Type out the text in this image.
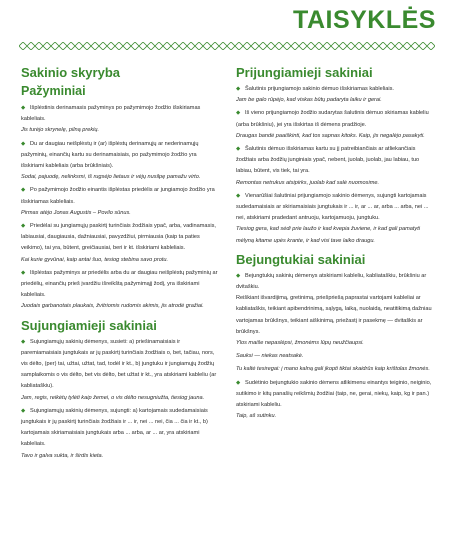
TAISYKLĖS
Sakinio skyryba
Pažyminiai

◆ Išplėstinis derinamasis pažyminys po pažymimojo žodžio išskiriamas kableliais.

Jis turėjo skrynelę, pilną prekių.

◆ Du ar daugiau neišplėstų ir (ar) išplėstų derinamųjų ar nederinamųjų pažyminių, einančių kartu su derinamaisiais, po pažymimojo žodžio yra išskiriami kableliais (arba brūkšniais).

Sodai, pajuodę, nelinksmi, iš rugsėjo lietaus ir vėjų nusilpę pamažu virto.

◆ Po pažymimojo žodžio einantis išplėstas priedėlis ar jungiamojo žodžio yra išskiriamas kableliais.

Pirmas atėjo Jonas Augustis – Povilo sūnus.

◆ Priedėlai su jungiamųjų paskirtį turinčiais žodžiais ypač, arba, vadinamasis, labiausiai, daugiausia, dažniausiai, pavyzdžiui, pirmiausia (kaip ta paties veikimo), tai yra, būtent, greičiausiai, beri ir kt. išskiriami kableliais.

Kai kurie gyvūnai, kaip antai šuo, tesiog stebina savo protu.

◆ Išplėstas pažyminys ar priedėlis arba du ar daugiau neišplėstų pažyminių ar priedėlių, einančių prieš įvardžiu išreikštą pažymimąjį žodį, yra išskiriami kableliais.

Juodais garbanotais plaukais, žvitriomis rudomis akimis, jis atrodė gražiai.

Sujungiamieji sakiniai

◆ Sujungiamųjų sakinių dėmenys, susieti: a) priešinamaisiais ir paremiamaisiais jungtukais ar jų paskirtį turinčiais žodžiais o, bet, tačiau, nors, vis dėlto, (per) tai, užtai, užtat, tad, todėl ir kt., b) jungtuku ir jungiamųjų žodžių samplaikomis o vis dėlto, bet vis dėlto, bet užtat ir kt., yra atskiriami kableliu (ar kabliataškiu).

Jam, regis, reikėtų tylėti kaip žemei, o vis dėlto nesugniužta, tiesiog jauna.

◆ Sujungiamųjų sakinių dėmenys, sujungti: a) kartojamais sudedamaisiais jungtukais ir jų paskirtį turinčiais žodžiais ir ... ir, nei ... nei, čia ... čia ir kt., b) kartojamais skiriamaisiais jungtukais arba ... arba, ar ... ar, yra atskiriami kableliais.

Tavo ir galva sukta, ir širdis kieta.

Prijungiamieji sakiniai

◆ Šalutinis prijungiamojo sakinio dėmuo išskiriamas kableliais.

Jam be galo rūpėjo, kad viskas būtų padaryta laiku ir gerai.

◆ Iš vieno prijungiamojo žodžio sudarytas šalutinis dėmuo skiriamas kableliu (arba brūkšniu), jei yra išskirtas iš dėmens pradžioje.

Draugas bandė paaiškinti, kad tos sapnas kitoks. Kaip, jis negalėjo pasakyti.

◆ Šalutinis dėmuo išskiriamas kartu su jį patreibiančiais ar atliekančiais žodžiais arba žodžių junginiais ypač, nebent, juolab, juolab, jau labiau, tuo labiau, būtent, vis tiek, tai yra.

Remontas netrukus atsipirks, juolab kad salė nuomosime.

◆ Vienarūšiai šalutiniai prijungiamojo sakinio dėmenys, sujungti kartojamais sudedamaisiais ar skiriamaisiais jungtukais ir ... ir, ar ... ar, arba ... arba, nei ... nei, atskiriami pradedant antruoju, kartojamuoju, jungtuku.

Tiesiog gera, kad sėdi prie laužo ir kad kvepia žuviene, ir kad gali pamatyti mėlyną kitame upės krante, ir kad visi tave laiko draugu.

Bejungtukiai sakiniai

◆ Bejungtukių sakinių dėmenys atskiriami kableliu, kabliataškiu, brūkšniu ar dvitaškiu.

Reiškiant išvardijimą, gretinimą, priešpriešą paprastai vartojami kableliai ar kabliataškis, teikiant apibendrinimą, sąlygą, laiką, nuolaidą, neatitikimą dažniau vartojamas brūkšnys, teikiant aiškinimą, priežastį ir pasekmę — dvitaškis ar brūkšnys.

Ylos maiše nepaslėpsi, žmonėms lūpų neužčiaupsi.

Sauksi — niekas neatsakė.

Tu kaltė tesiregai: į mano kalną gali įkopti tiktai skaidrūs kaip krištolas žmonės.

◆ Sudėtinio bejungtukio sakinio dėmens atlikimenu einantys teiginio, neiginio, sutikimo ir kitų panašių reikšmių žodžiai (taip, ne, gerai, niekų, kaip, kg ir pan.) atskiriami kableliu.

Taip, aš sutinku.
